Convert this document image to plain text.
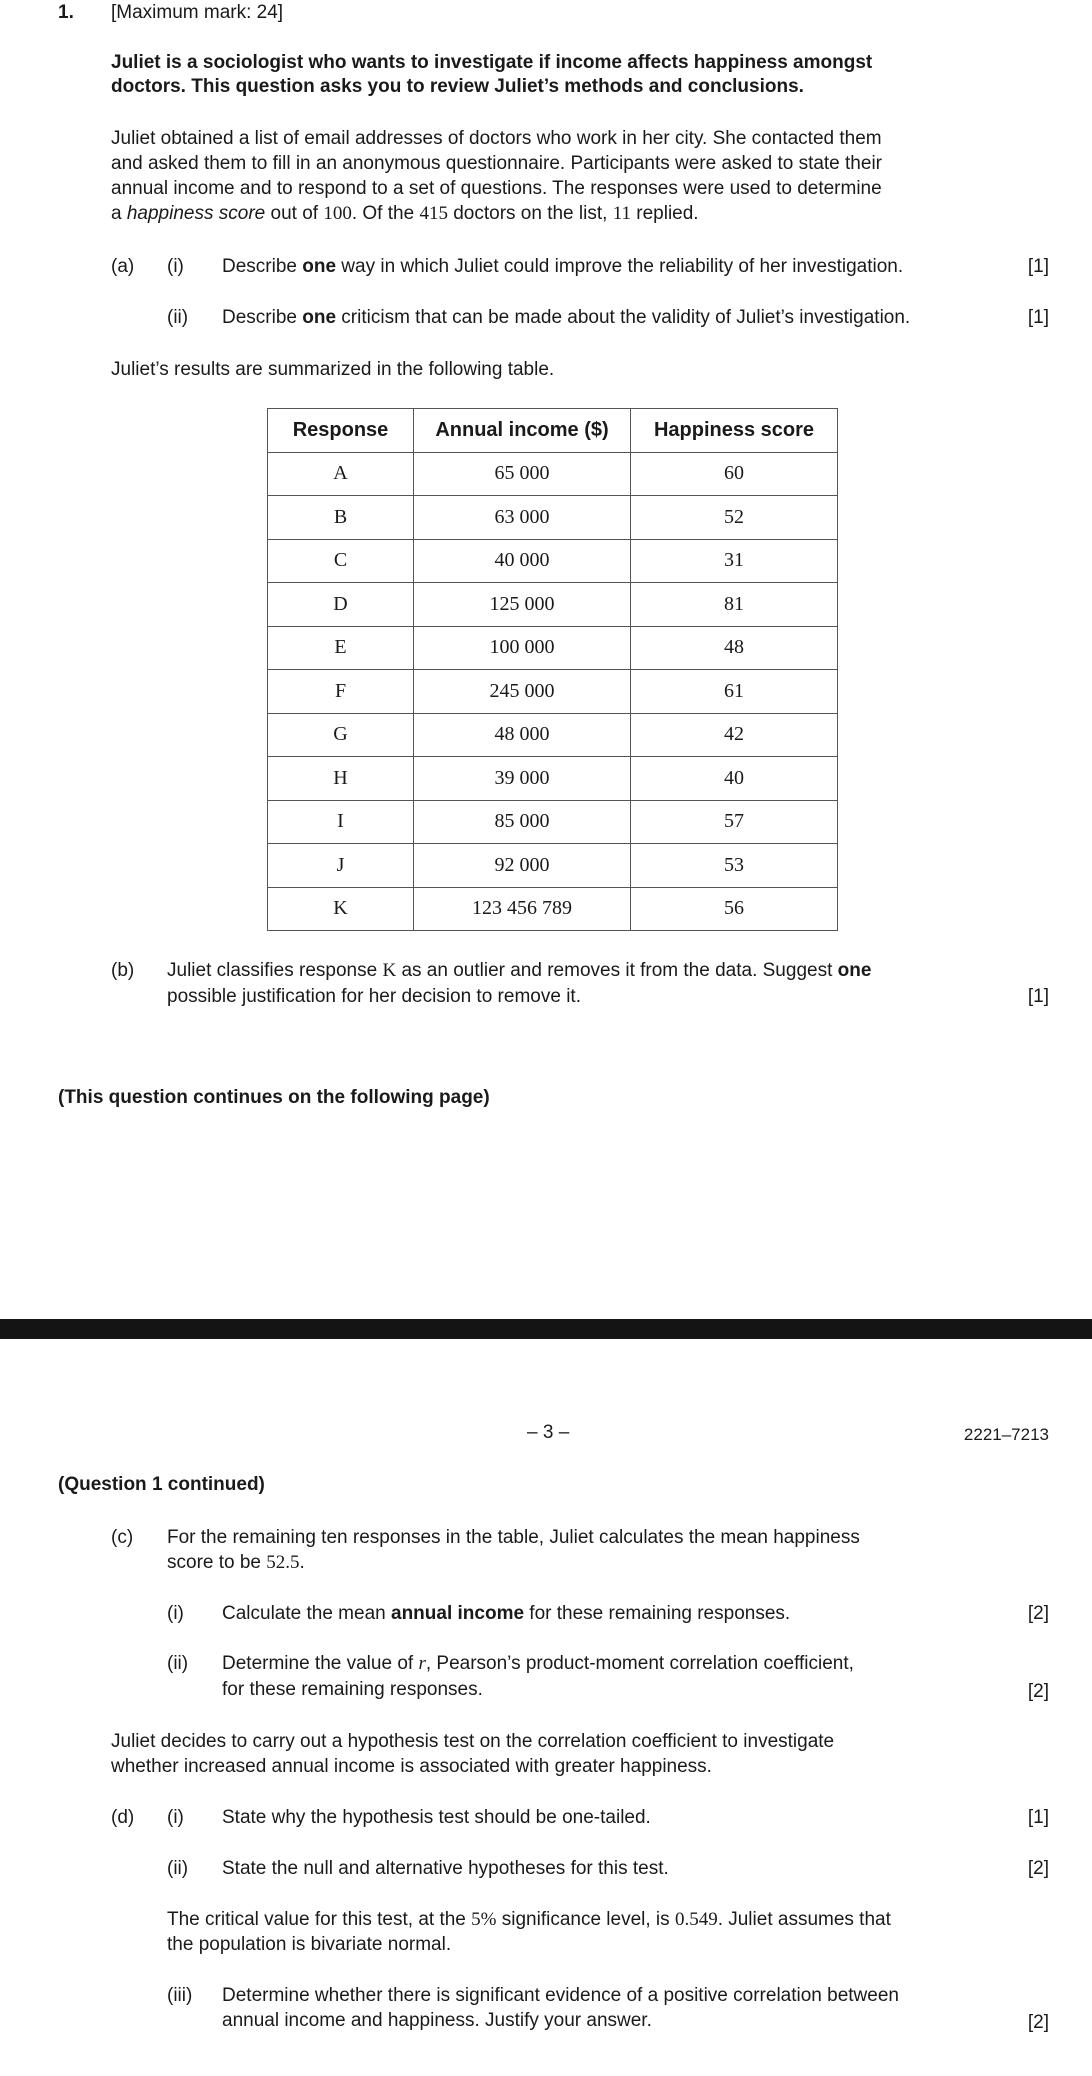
1. [Maximum mark: 24]
Juliet is a sociologist who wants to investigate if income affects happiness amongst
doctors. This question asks you to review Juliet’s methods and conclusions.
Juliet obtained a list of email addresses of doctors who work in her city. She contacted them
and asked them to fill in an anonymous questionnaire. Participants were asked to state their
annual income and to respond to a set of questions. The responses were used to determine
a happiness score out of 100. Of the 415 doctors on the list, 11 replied.
(a) (i) Describe one way in which Juliet could improve the reliability of her investigation.	[1]
(ii) Describe one criticism that can be made about the validity of Juliet’s investigation.	[1]
Juliet’s results are summarized in the following table.
Response	Annual income ($)	Happiness score
A	65 000	60
B	63 000	52
C	40 000	31
D	125 000	81
E	100 000	48
F	245 000	61
G	48 000	42
H	39 000	40
I	85 000	57
J	92 000	53
K	123 456 789	56
(b) Juliet classifies response K as an outlier and removes it from the data. Suggest one
possible justification for her decision to remove it.	[1]
(This question continues on the following page)
– 3 –	2221–7213
(Question 1 continued)
(c) For the remaining ten responses in the table, Juliet calculates the mean happiness
score to be 52.5.
(i) Calculate the mean annual income for these remaining responses.	[2]
(ii) Determine the value of r, Pearson’s product-moment correlation coefficient,
for these remaining responses.	[2]
Juliet decides to carry out a hypothesis test on the correlation coefficient to investigate
whether increased annual income is associated with greater happiness.
(d) (i) State why the hypothesis test should be one-tailed.	[1]
(ii) State the null and alternative hypotheses for this test.	[2]
The critical value for this test, at the 5% significance level, is 0.549. Juliet assumes that
the population is bivariate normal.
(iii) Determine whether there is significant evidence of a positive correlation between
annual income and happiness. Justify your answer.	[2]
